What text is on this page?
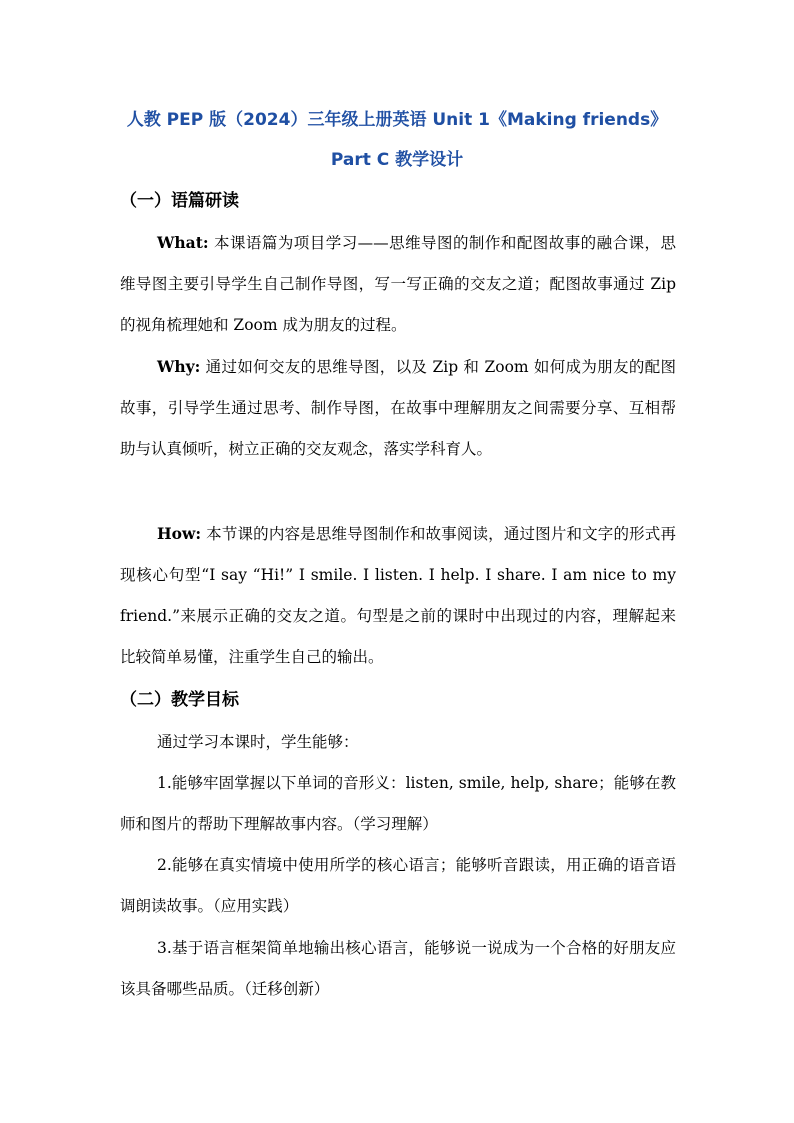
人教 PEP 版（2024）三年级上册英语 Unit 1《Making friends》
Part C 教学设计
（一）语篇研读

What: 本课语篇为项目学习——思维导图的制作和配图故事的融合课，思维导图主要引导学生自己制作导图，写一写正确的交友之道；配图故事通过 Zip 的视角梳理她和 Zoom 成为朋友的过程。

Why: 通过如何交友的思维导图，以及 Zip 和 Zoom 如何成为朋友的配图故事，引导学生通过思考、制作导图，在故事中理解朋友之间需要分享、互相帮助与认真倾听，树立正确的交友观念，落实学科育人。

How: 本节课的内容是思维导图制作和故事阅读，通过图片和文字的形式再现核心句型“I say “Hi!” I smile. I listen. I help. I share. I am nice to my friend.”来展示正确的交友之道。句型是之前的课时中出现过的内容，理解起来比较简单易懂，注重学生自己的输出。

（二）教学目标

通过学习本课时，学生能够：

1.能够牢固掌握以下单词的音形义：listen, smile, help, share；能够在教师和图片的帮助下理解故事内容。（学习理解）

2.能够在真实情境中使用所学的核心语言；能够听音跟读，用正确的语音语调朗读故事。（应用实践）

3.基于语言框架简单地输出核心语言，能够说一说成为一个合格的好朋友应该具备哪些品质。（迁移创新）
